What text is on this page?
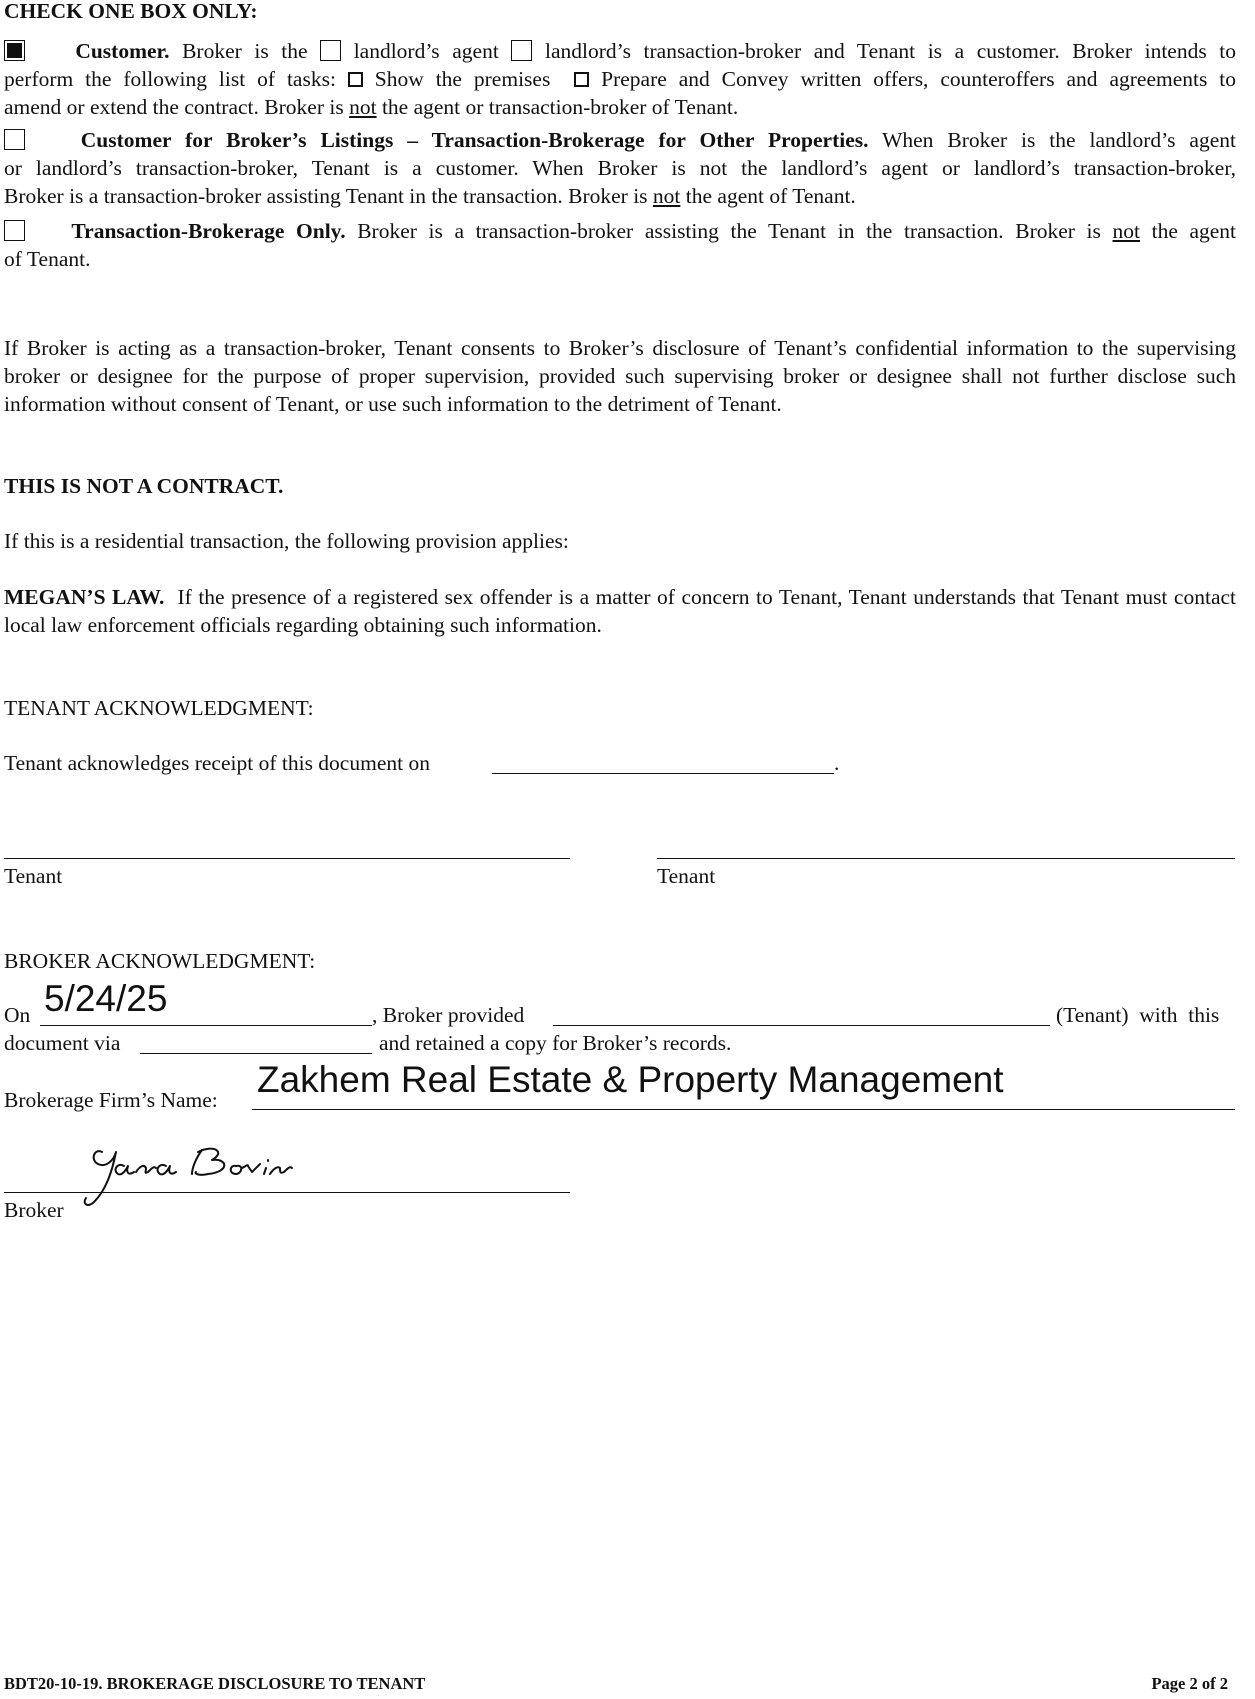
CHECK ONE BOX ONLY:
Customer. Broker is the landlord’s agent landlord’s transaction-broker and Tenant is a customer. Broker intends to
perform the following list of tasks: Show the premises Prepare and Convey written offers, counteroffers and agreements to
amend or extend the contract. Broker is not the agent or transaction-broker of Tenant.
Customer for Broker’s Listings – Transaction-Brokerage for Other Properties. When Broker is the landlord’s agent
or landlord’s transaction-broker, Tenant is a customer. When Broker is not the landlord’s agent or landlord’s transaction-broker,
Broker is a transaction-broker assisting Tenant in the transaction. Broker is not the agent of Tenant.
Transaction-Brokerage Only. Broker is a transaction-broker assisting the Tenant in the transaction. Broker is not the agent
of Tenant.
If Broker is acting as a transaction-broker, Tenant consents to Broker’s disclosure of Tenant’s confidential information to the supervising broker or designee for the purpose of proper supervision, provided such supervising broker or designee shall not further disclose such information without consent of Tenant, or use such information to the detriment of Tenant.
THIS IS NOT A CONTRACT.
If this is a residential transaction, the following provision applies:
MEGAN’S LAW. If the presence of a registered sex offender is a matter of concern to Tenant, Tenant understands that Tenant must contact local law enforcement officials regarding obtaining such information.
TENANT ACKNOWLEDGMENT:
Tenant acknowledges receipt of this document on	.
Tenant	Tenant
BROKER ACKNOWLEDGMENT:
On 5/24/25	, Broker provided	(Tenant)  with  this
document via	and retained a copy for Broker’s records.
Brokerage Firm’s Name: Zakhem Real Estate & Property Management
Broker
BDT20-10-19. BROKERAGE DISCLOSURE TO TENANT	Page 2 of 2
